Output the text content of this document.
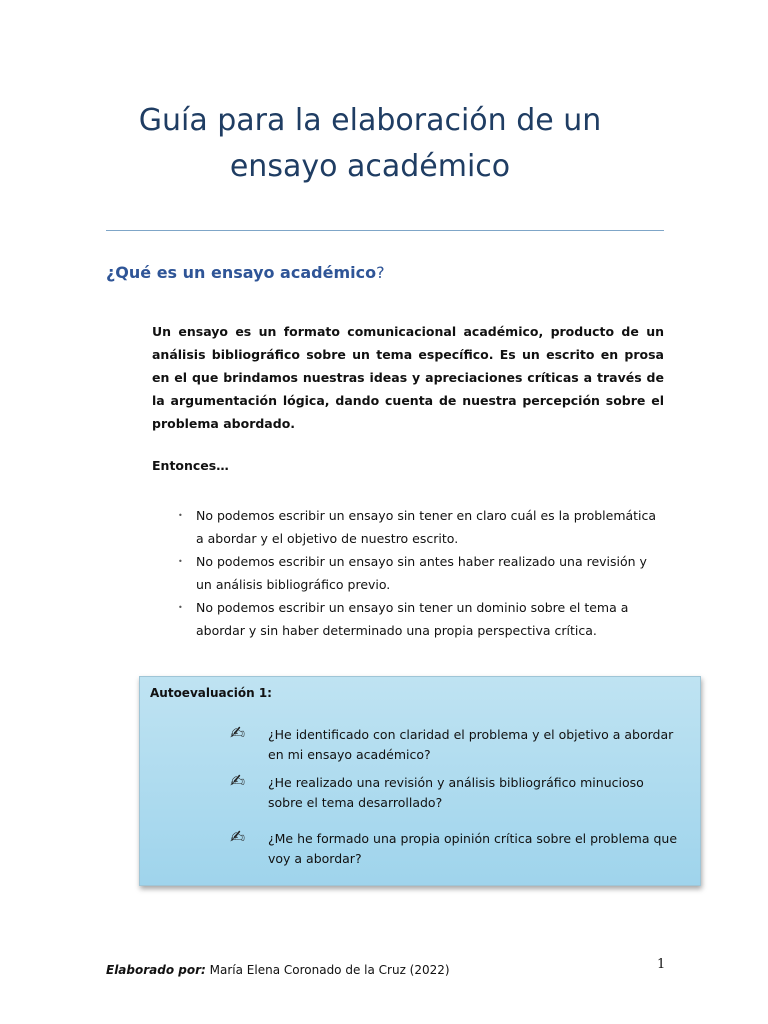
Guía para la elaboración de un
ensayo académico
¿Qué es un ensayo académico?

Un ensayo es un formato comunicacional académico, producto de un análisis bibliográfico sobre un tema específico. Es un escrito en prosa en el que brindamos nuestras ideas y apreciaciones críticas a través de la argumentación lógica, dando cuenta de nuestra percepción sobre el problema abordado.

Entonces…

• No podemos escribir un ensayo sin tener en claro cuál es la problemática a abordar y el objetivo de nuestro escrito.
• No podemos escribir un ensayo sin antes haber realizado una revisión y un análisis bibliográfico previo.
• No podemos escribir un ensayo sin tener un dominio sobre el tema a abordar y sin haber determinado una propia perspectiva crítica.

Autoevaluación 1:

✍ ¿He identificado con claridad el problema y el objetivo a abordar en mi ensayo académico?
✍ ¿He realizado una revisión y análisis bibliográfico minucioso sobre el tema desarrollado?
✍ ¿Me he formado una propia opinión crítica sobre el problema que voy a abordar?

Elaborado por: María Elena Coronado de la Cruz (2022)	1
